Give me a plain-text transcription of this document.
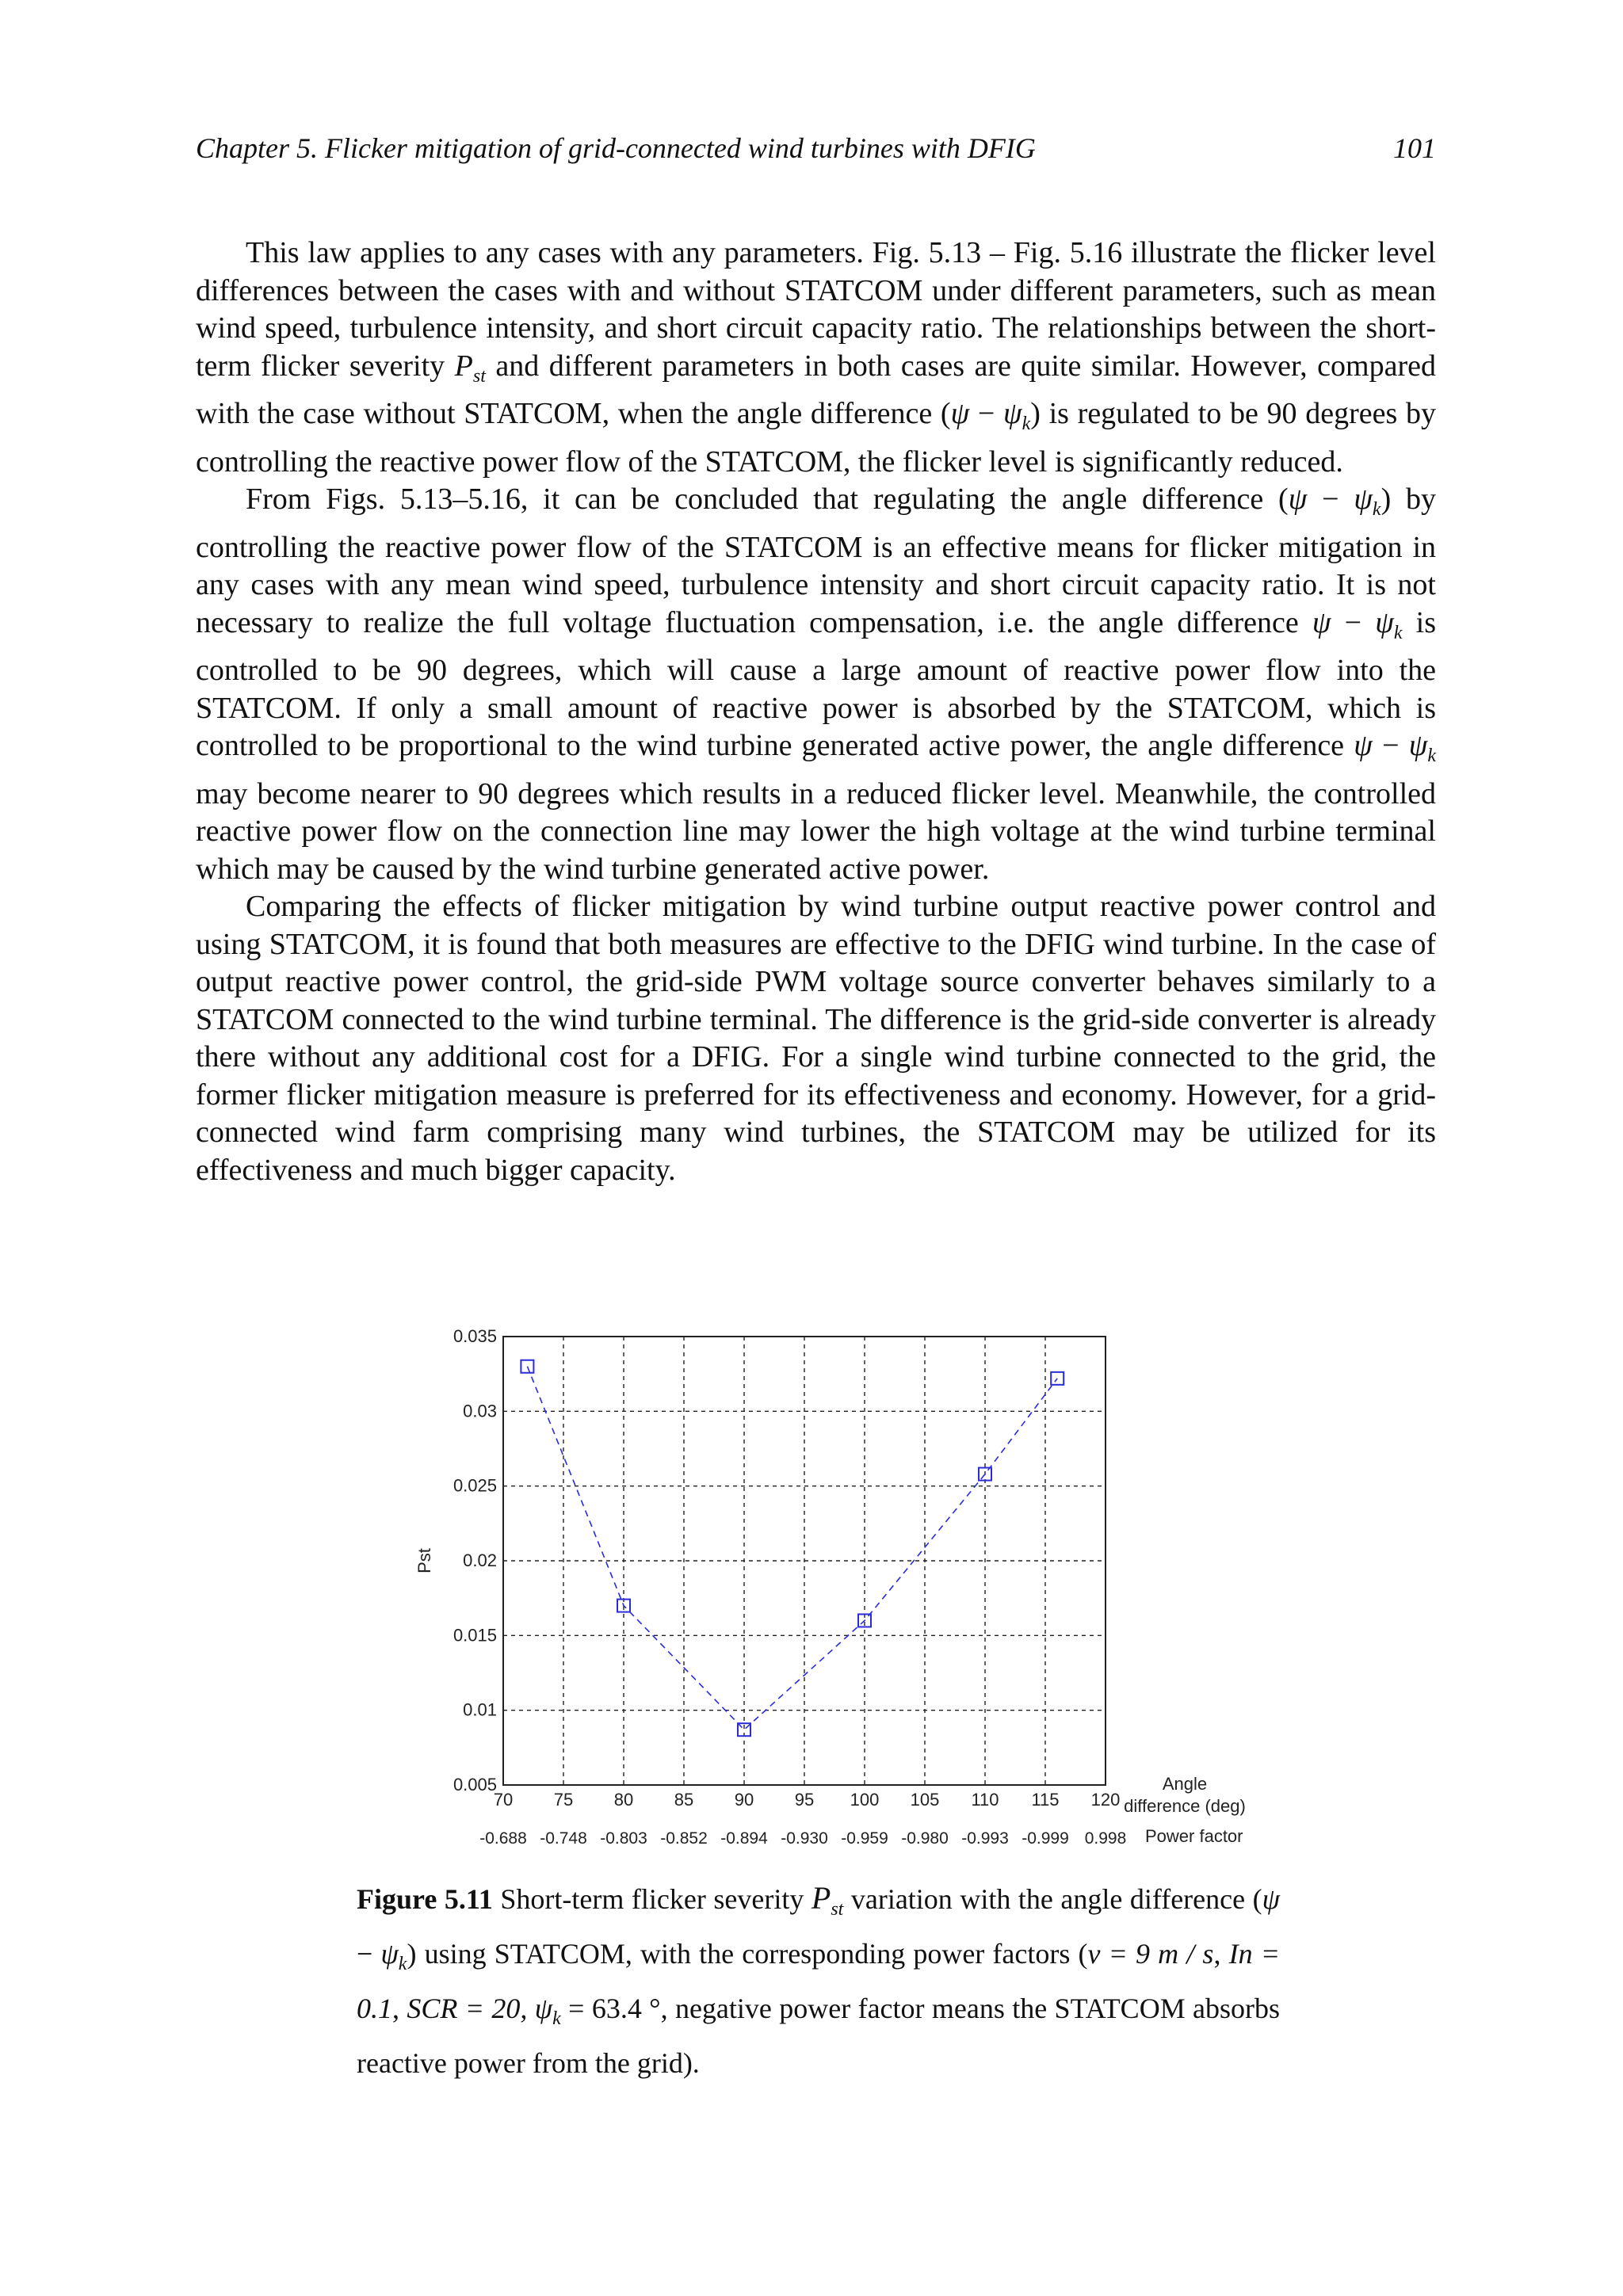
Chapter 5. Flicker mitigation of grid-connected wind turbines with DFIG	101

This law applies to any cases with any parameters. Fig. 5.13 – Fig. 5.16 illustrate the flicker level differences between the cases with and without STATCOM under different parameters, such as mean wind speed, turbulence intensity, and short circuit capacity ratio. The relationships between the short-term flicker severity $P_{st}$ and different parameters in both cases are quite similar. However, compared with the case without STATCOM, when the angle difference $(\psi - \psi_k)$ is regulated to be 90 degrees by controlling the reactive power flow of the STATCOM, the flicker level is significantly reduced.

From Figs. 5.13–5.16, it can be concluded that regulating the angle difference $(\psi - \psi_k)$ by controlling the reactive power flow of the STATCOM is an effective means for flicker mitigation in any cases with any mean wind speed, turbulence intensity and short circuit capacity ratio. It is not necessary to realize the full voltage fluctuation compensation, i.e. the angle difference $\psi - \psi_k$ is controlled to be 90 degrees, which will cause a large amount of reactive power flow into the STATCOM. If only a small amount of reactive power is absorbed by the STATCOM, which is controlled to be proportional to the wind turbine generated active power, the angle difference $\psi - \psi_k$ may become nearer to 90 degrees which results in a reduced flicker level. Meanwhile, the controlled reactive power flow on the connection line may lower the high voltage at the wind turbine terminal which may be caused by the wind turbine generated active power.

Comparing the effects of flicker mitigation by wind turbine output reactive power control and using STATCOM, it is found that both measures are effective to the DFIG wind turbine. In the case of output reactive power control, the grid-side PWM voltage source converter behaves similarly to a STATCOM connected to the wind turbine terminal. The difference is the grid-side converter is already there without any additional cost for a DFIG. For a single wind turbine connected to the grid, the former flicker mitigation measure is preferred for its effectiveness and economy. However, for a grid-connected wind farm comprising many wind turbines, the STATCOM may be utilized for its effectiveness and much bigger capacity.

0.005
0.01
0.015
0.02
0.025
0.03
0.035
70 75 80 85 90 95 100 105 110 115 120
-0.688 -0.748 -0.803 -0.852 -0.894 -0.930 -0.959 -0.980 -0.993 -0.999 0.998
Pst
Angle
difference (deg)
Power factor
Figure 5.11 Short-term flicker severity $P_{st}$ variation with the angle difference $(\psi - \psi_k)$ using STATCOM, with the corresponding power factors (v = 9 m / s, In = 0.1, SCR = 20, $\psi_k = 63.4$ °, negative power factor means the STATCOM absorbs reactive power from the grid).
